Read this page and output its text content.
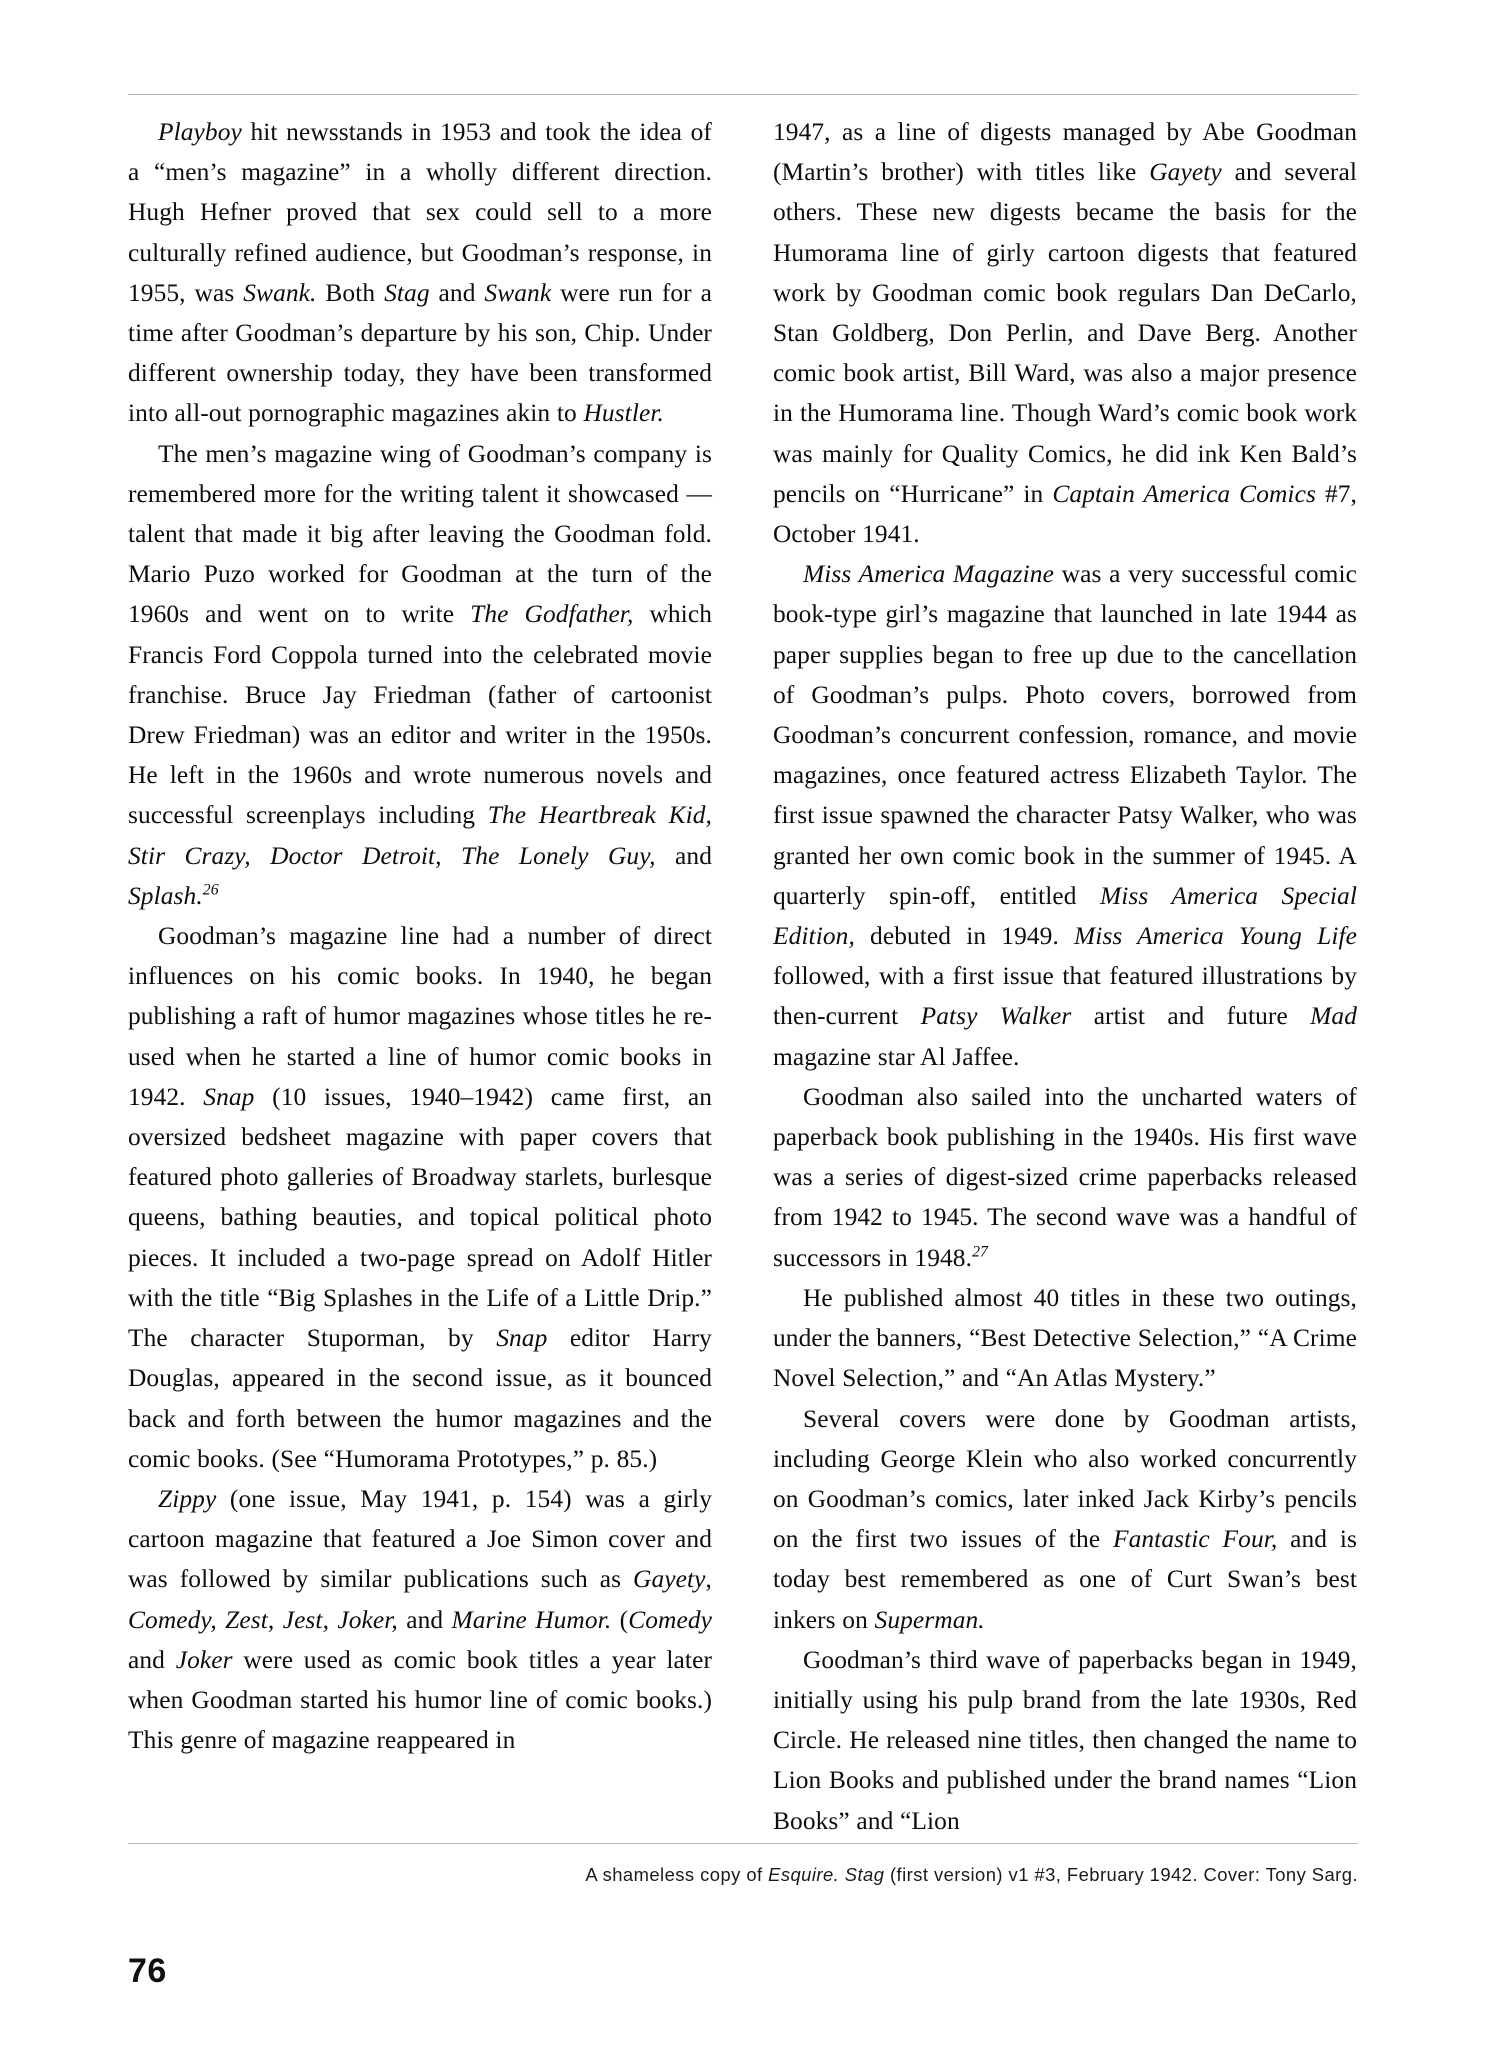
Playboy hit newsstands in 1953 and took the idea of a “men’s magazine” in a wholly different direction. Hugh Hefner proved that sex could sell to a more culturally refined audience, but Goodman’s response, in 1955, was Swank. Both Stag and Swank were run for a time after Goodman’s departure by his son, Chip. Under different ownership today, they have been transformed into all-out pornographic magazines akin to Hustler.

The men’s magazine wing of Goodman’s company is remembered more for the writing talent it showcased — talent that made it big after leaving the Goodman fold. Mario Puzo worked for Goodman at the turn of the 1960s and went on to write The Godfather, which Francis Ford Coppola turned into the celebrated movie franchise. Bruce Jay Friedman (father of cartoonist Drew Friedman) was an editor and writer in the 1950s. He left in the 1960s and wrote numerous novels and successful screenplays including The Heartbreak Kid, Stir Crazy, Doctor Detroit, The Lonely Guy, and Splash.$^{26}$

Goodman’s magazine line had a number of direct influences on his comic books. In 1940, he began publishing a raft of humor magazines whose titles he re-used when he started a line of humor comic books in 1942. Snap (10 issues, 1940–1942) came first, an oversized bedsheet magazine with paper covers that featured photo galleries of Broadway starlets, burlesque queens, bathing beauties, and topical political photo pieces. It included a two-page spread on Adolf Hitler with the title “Big Splashes in the Life of a Little Drip.” The character Stuporman, by Snap editor Harry Douglas, appeared in the second issue, as it bounced back and forth between the humor magazines and the comic books. (See “Humorama Prototypes,” p. 85.)

Zippy (one issue, May 1941, p. 154) was a girly cartoon magazine that featured a Joe Simon cover and was followed by similar publications such as Gayety, Comedy, Zest, Jest, Joker, and Marine Humor. (Comedy and Joker were used as comic book titles a year later when Goodman started his humor line of comic books.) This genre of magazine reappeared in

1947, as a line of digests managed by Abe Goodman (Martin’s brother) with titles like Gayety and several others. These new digests became the basis for the Humorama line of girly cartoon digests that featured work by Goodman comic book regulars Dan DeCarlo, Stan Goldberg, Don Perlin, and Dave Berg. Another comic book artist, Bill Ward, was also a major presence in the Humorama line. Though Ward’s comic book work was mainly for Quality Comics, he did ink Ken Bald’s pencils on “Hurricane” in Captain America Comics #7, October 1941.

Miss America Magazine was a very successful comic book-type girl’s magazine that launched in late 1944 as paper supplies began to free up due to the cancellation of Goodman’s pulps. Photo covers, borrowed from Goodman’s concurrent confession, romance, and movie magazines, once featured actress Elizabeth Taylor. The first issue spawned the character Patsy Walker, who was granted her own comic book in the summer of 1945. A quarterly spin-off, entitled Miss America Special Edition, debuted in 1949. Miss America Young Life followed, with a first issue that featured illustrations by then-current Patsy Walker artist and future Mad magazine star Al Jaffee.

Goodman also sailed into the uncharted waters of paperback book publishing in the 1940s. His first wave was a series of digest-sized crime paperbacks released from 1942 to 1945. The second wave was a handful of successors in 1948.27

He published almost 40 titles in these two outings, under the banners, “Best Detective Selection,” “A Crime Novel Selection,” and “An Atlas Mystery.”

Several covers were done by Goodman artists, including George Klein who also worked concurrently on Goodman’s comics, later inked Jack Kirby’s pencils on the first two issues of the Fantastic Four, and is today best remembered as one of Curt Swan’s best inkers on Superman.

Goodman’s third wave of paperbacks began in 1949, initially using his pulp brand from the late 1930s, Red Circle. He released nine titles, then changed the name to Lion Books and published under the brand names “Lion Books” and “Lion

A shameless copy of Esquire. Stag (first version) v1 #3, February 1942. Cover: Tony Sarg.
76
